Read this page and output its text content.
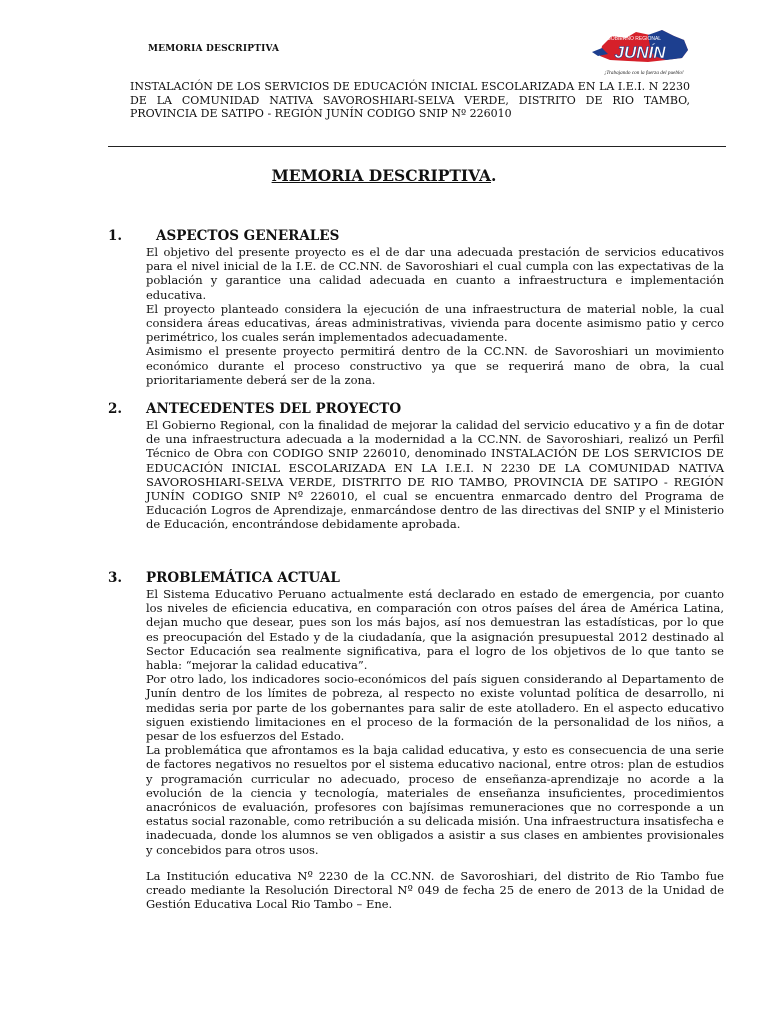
MEMORIA DESCRIPTIVA
GOBIERNO REGIONAL
JUNÍN
¡Trabajando con la fuerza del pueblo!

INSTALACIÓN DE LOS SERVICIOS DE EDUCACIÓN INICIAL ESCOLARIZADA EN LA I.E.I. N 2230 DE LA COMUNIDAD NATIVA SAVOROSHIARI-SELVA VERDE, DISTRITO DE RIO TAMBO, PROVINCIA DE SATIPO - REGIÓN JUNÍN CODIGO SNIP Nº 226010

MEMORIA DESCRIPTIVA.
1.	ASPECTOS GENERALES

El objetivo del presente proyecto es el de dar una adecuada prestación de servicios educativos para el nivel inicial de la I.E. de CC.NN. de Savoroshiari el cual cumpla con las expectativas de la población y garantice una calidad adecuada en cuanto a infraestructura e implementación educativa.

El proyecto planteado considera la ejecución de una infraestructura de material noble, la cual considera áreas educativas, áreas administrativas, vivienda para docente asimismo patio y cerco perimétrico, los cuales serán implementados adecuadamente.

Asimismo el presente proyecto permitirá dentro de la CC.NN. de Savoroshiari un movimiento económico durante el proceso constructivo ya que se requerirá mano de obra, la cual prioritariamente deberá ser de la zona.

2.	ANTECEDENTES DEL PROYECTO

El Gobierno Regional, con la finalidad de mejorar la calidad del servicio educativo y a fin de dotar de una infraestructura adecuada a la modernidad a la CC.NN. de Savoroshiari, realizó un Perfil Técnico de Obra con CODIGO SNIP 226010, denominado INSTALACIÓN DE LOS SERVICIOS DE EDUCACIÓN INICIAL ESCOLARIZADA EN LA I.E.I. N 2230 DE LA COMUNIDAD NATIVA SAVOROSHIARI-SELVA VERDE, DISTRITO DE RIO TAMBO, PROVINCIA DE SATIPO - REGIÓN JUNÍN CODIGO SNIP Nº 226010, el cual se encuentra enmarcado dentro del Programa de Educación Logros de Aprendizaje, enmarcándose dentro de las directivas del SNIP y el Ministerio de Educación, encontrándose debidamente aprobada.

3.	PROBLEMÁTICA ACTUAL

El Sistema Educativo Peruano actualmente está declarado en estado de emergencia, por cuanto los niveles de eficiencia educativa, en comparación con otros países del área de América Latina, dejan mucho que desear, pues son los más bajos, así nos demuestran las estadísticas, por lo que es preocupación del Estado y de la ciudadanía, que la asignación presupuestal 2012 destinado al Sector Educación sea realmente significativa, para el logro de los objetivos de lo que tanto se habla: “mejorar la calidad educativa”.

Por otro lado, los indicadores socio-económicos del país siguen considerando al Departamento de Junín dentro de los límites de pobreza, al respecto no existe voluntad política de desarrollo, ni medidas seria por parte de los gobernantes para salir de este atolladero. En el aspecto educativo siguen existiendo limitaciones en el proceso de la formación de la personalidad de los niños, a pesar de los esfuerzos del Estado.

La problemática que afrontamos es la baja calidad educativa, y esto es consecuencia de una serie de factores negativos no resueltos por el sistema educativo nacional, entre otros: plan de estudios y programación curricular no adecuado, proceso de enseñanza-aprendizaje no acorde a la evolución de la ciencia y tecnología, materiales de enseñanza insuficientes, procedimientos anacrónicos de evaluación, profesores con bajísimas remuneraciones que no corresponde a un estatus social razonable, como retribución a su delicada misión. Una infraestructura insatisfecha e inadecuada, donde los alumnos se ven obligados a asistir a sus clases en ambientes provisionales y concebidos para otros usos.

La Institución educativa Nº 2230 de la CC.NN. de Savoroshiari, del distrito de Rio Tambo fue creado mediante la Resolución Directoral Nº 049 de fecha 25 de enero de 2013 de la Unidad de Gestión Educativa Local Rio Tambo – Ene.
